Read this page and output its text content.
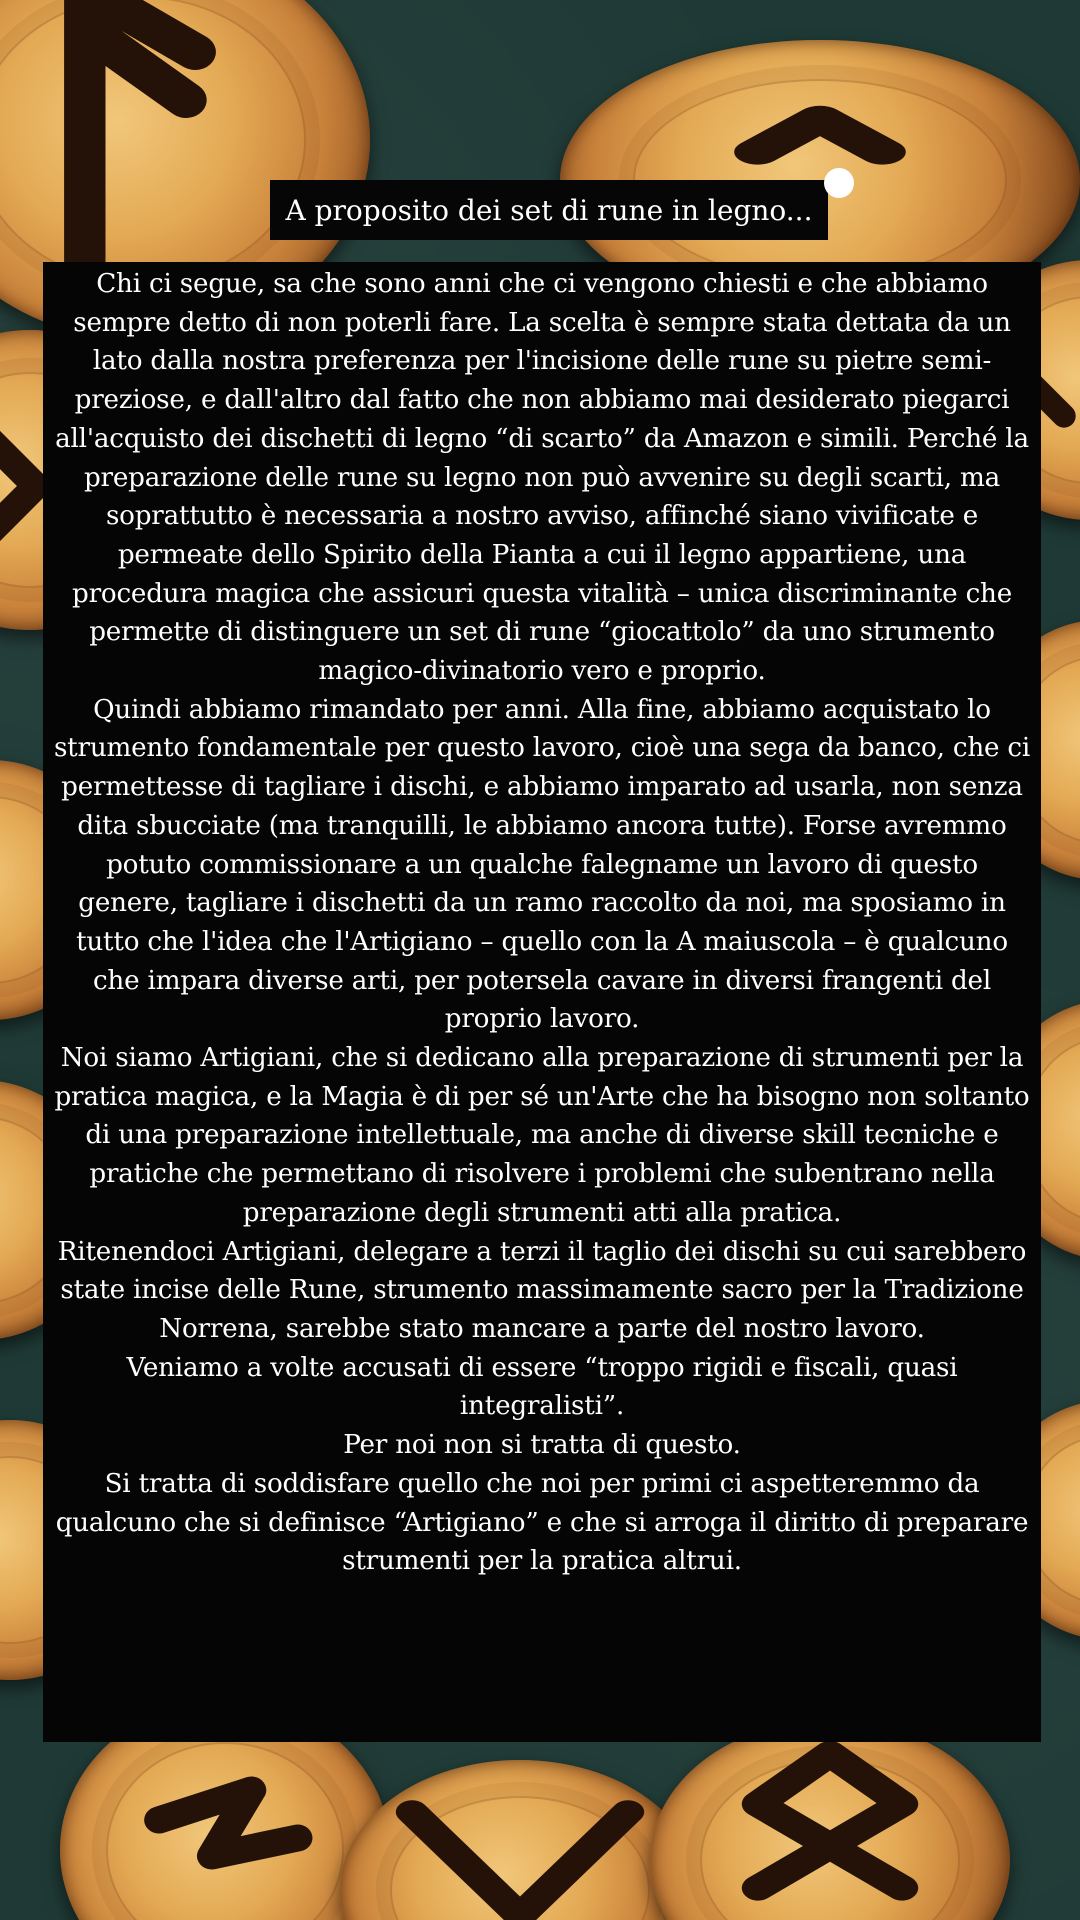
A proposito dei set di rune in legno...

Chi ci segue, sa che sono anni che ci vengono chiesti e che abbiamo sempre detto di non poterli fare. La scelta è sempre stata dettata da un lato dalla nostra preferenza per l'incisione delle rune su pietre semi-preziose, e dall'altro dal fatto che non abbiamo mai desiderato piegarci all'acquisto dei dischetti di legno “di scarto” da Amazon e simili. Perché la preparazione delle rune su legno non può avvenire su degli scarti, ma soprattutto è necessaria a nostro avviso, affinché siano vivificate e permeate dello Spirito della Pianta a cui il legno appartiene, una procedura magica che assicuri questa vitalità – unica discriminante che permette di distinguere un set di rune “giocattolo” da uno strumento magico-divinatorio vero e proprio.

Quindi abbiamo rimandato per anni. Alla fine, abbiamo acquistato lo strumento fondamentale per questo lavoro, cioè una sega da banco, che ci permettesse di tagliare i dischi, e abbiamo imparato ad usarla, non senza dita sbucciate (ma tranquilli, le abbiamo ancora tutte). Forse avremmo potuto commissionare a un qualche falegname un lavoro di questo genere, tagliare i dischetti da un ramo raccolto da noi, ma sposiamo in tutto che l'idea che l'Artigiano – quello con la A maiuscola – è qualcuno che impara diverse arti, per potersela cavare in diversi frangenti del proprio lavoro.

Noi siamo Artigiani, che si dedicano alla preparazione di strumenti per la pratica magica, e la Magia è di per sé un'Arte che ha bisogno non soltanto di una preparazione intellettuale, ma anche di diverse skill tecniche e pratiche che permettano di risolvere i problemi che subentrano nella preparazione degli strumenti atti alla pratica.

Ritenendoci Artigiani, delegare a terzi il taglio dei dischi su cui sarebbero state incise delle Rune, strumento massimamente sacro per la Tradizione Norrena, sarebbe stato mancare a parte del nostro lavoro.

Veniamo a volte accusati di essere “troppo rigidi e fiscali, quasi integralisti”.

Per noi non si tratta di questo.

Si tratta di soddisfare quello che noi per primi ci aspetteremmo da qualcuno che si definisce “Artigiano” e che si arroga il diritto di preparare strumenti per la pratica altrui.
